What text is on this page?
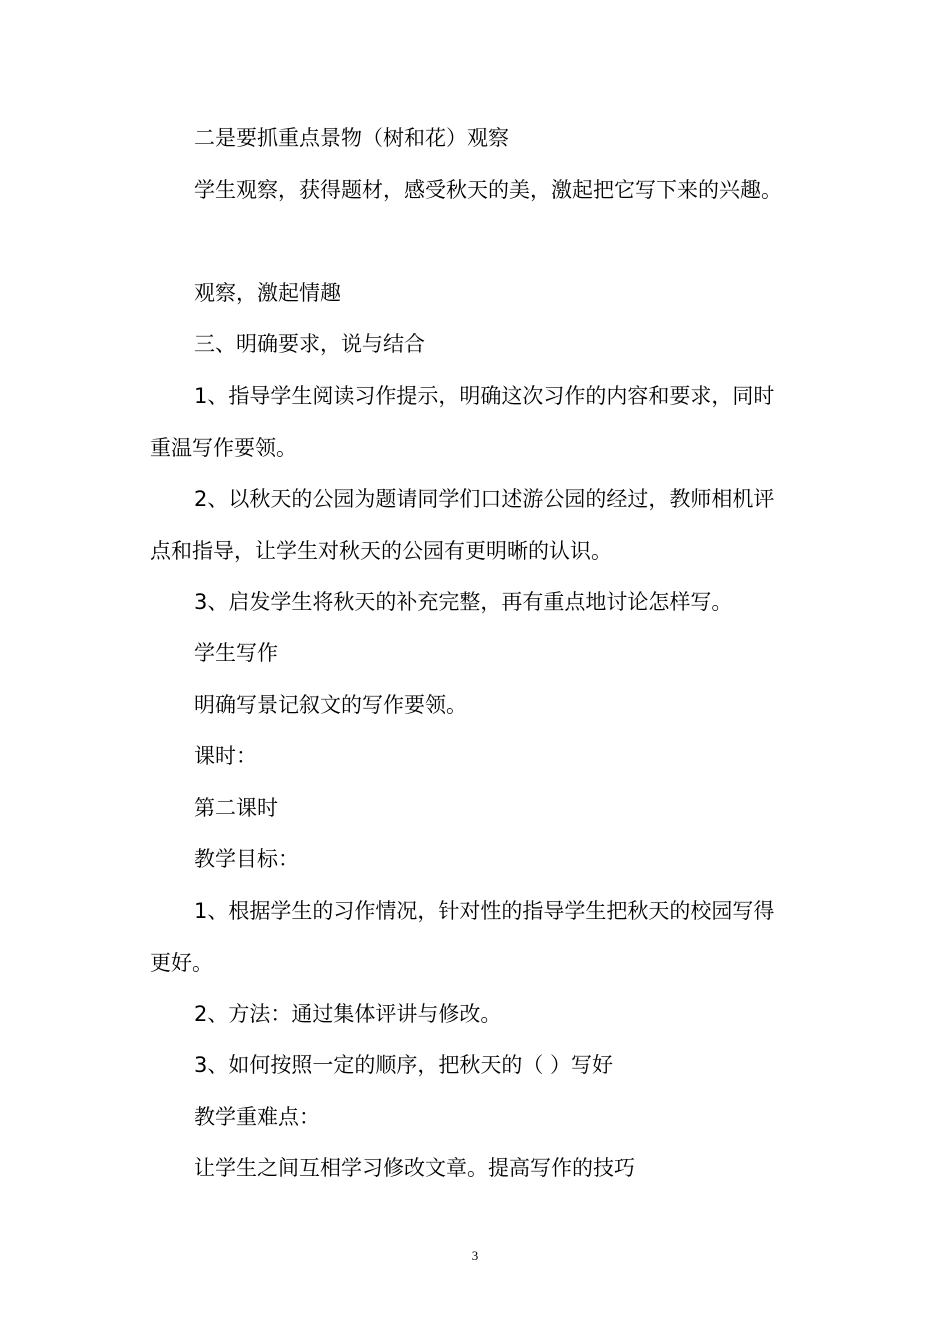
二是要抓重点景物（树和花）观察

学生观察，获得题材，感受秋天的美，激起把它写下来的兴趣。

观察，激起情趣

三、明确要求，说与结合

1、指导学生阅读习作提示，明确这次习作的内容和要求，同时重温写作要领。

2、以秋天的公园为题请同学们口述游公园的经过，教师相机评点和指导，让学生对秋天的公园有更明晰的认识。

3、启发学生将秋天的补充完整，再有重点地讨论怎样写。

学生写作

明确写景记叙文的写作要领。

课时：

第二课时

教学目标：

1、根据学生的习作情况，针对性的指导学生把秋天的校园写得更好。

2、方法：通过集体评讲与修改。

3、如何按照一定的顺序，把秋天的（ ）写好

教学重难点：

让学生之间互相学习修改文章。提高写作的技巧

3
